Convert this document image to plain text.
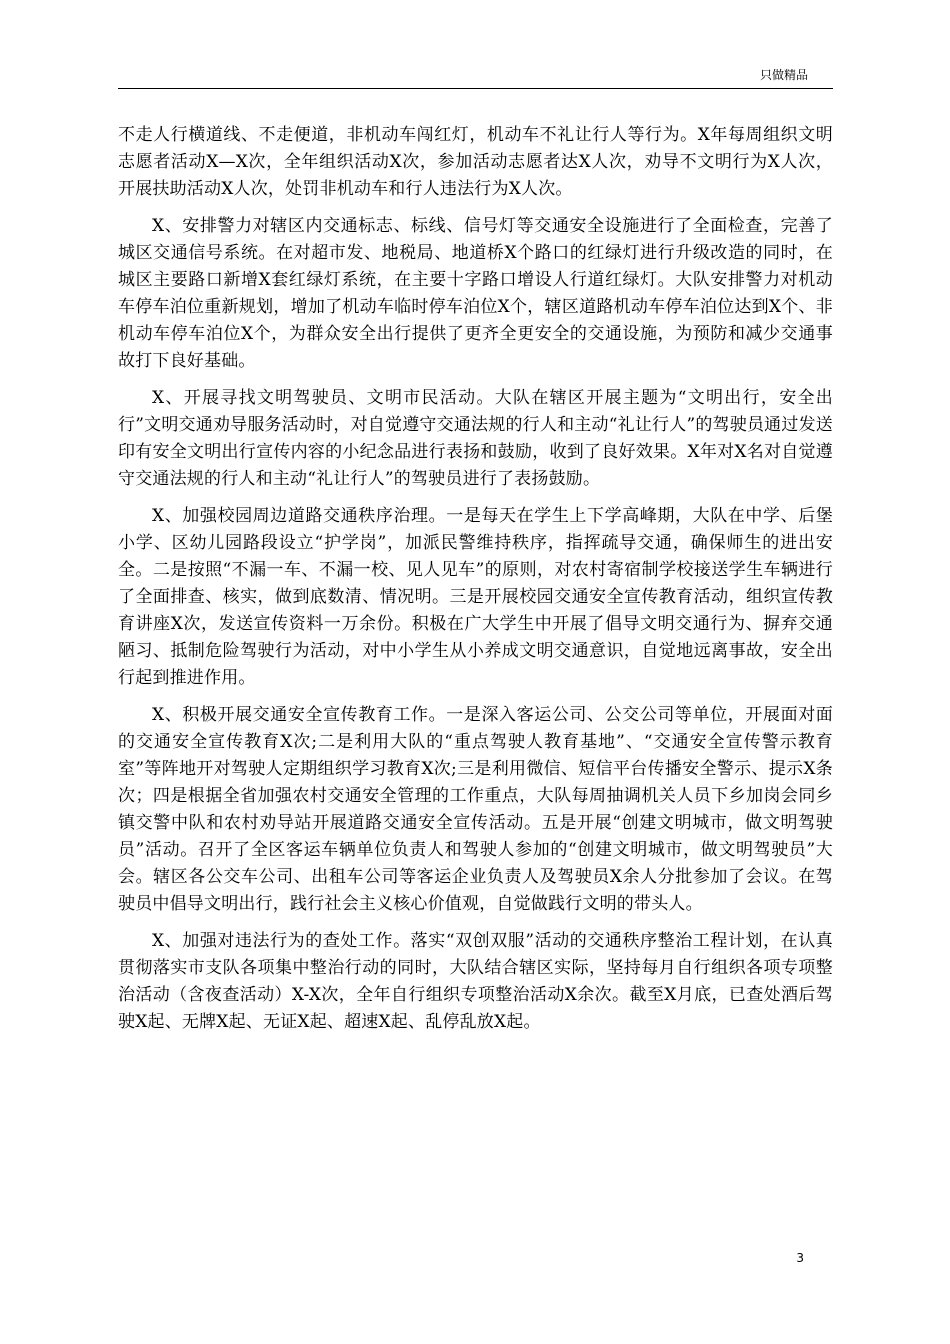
只做精品

不走人行横道线、不走便道，非机动车闯红灯，机动车不礼让行人等行为。X年每周组织文明志愿者活动X—X次，全年组织活动X次，参加活动志愿者达X人次，劝导不文明行为X人次，开展扶助活动X人次，处罚非机动车和行人违法行为X人次。

X、安排警力对辖区内交通标志、标线、信号灯等交通安全设施进行了全面检查，完善了城区交通信号系统。在对超市发、地税局、地道桥X个路口的红绿灯进行升级改造的同时，在城区主要路口新增X套红绿灯系统，在主要十字路口增设人行道红绿灯。大队安排警力对机动车停车泊位重新规划，增加了机动车临时停车泊位X个，辖区道路机动车停车泊位达到X个、非机动车停车泊位X个，为群众安全出行提供了更齐全更安全的交通设施，为预防和减少交通事故打下良好基础。

X、开展寻找文明驾驶员、文明市民活动。大队在辖区开展主题为“文明出行，安全出行”文明交通劝导服务活动时，对自觉遵守交通法规的行人和主动“礼让行人”的驾驶员通过发送印有安全文明出行宣传内容的小纪念品进行表扬和鼓励，收到了良好效果。X年对X名对自觉遵守交通法规的行人和主动“礼让行人”的驾驶员进行了表扬鼓励。

X、加强校园周边道路交通秩序治理。一是每天在学生上下学高峰期，大队在中学、后堡小学、区幼儿园路段设立“护学岗”，加派民警维持秩序，指挥疏导交通，确保师生的进出安全。二是按照“不漏一车、不漏一校、见人见车”的原则，对农村寄宿制学校接送学生车辆进行了全面排查、核实，做到底数清、情况明。三是开展校园交通安全宣传教育活动，组织宣传教育讲座X次，发送宣传资料一万余份。积极在广大学生中开展了倡导文明交通行为、摒弃交通陋习、抵制危险驾驶行为活动，对中小学生从小养成文明交通意识，自觉地远离事故，安全出行起到推进作用。

X、积极开展交通安全宣传教育工作。一是深入客运公司、公交公司等单位，开展面对面的交通安全宣传教育X次;二是利用大队的“重点驾驶人教育基地”、“交通安全宣传警示教育室”等阵地开对驾驶人定期组织学习教育X次;三是利用微信、短信平台传播安全警示、提示X条次；四是根据全省加强农村交通安全管理的工作重点，大队每周抽调机关人员下乡加岗会同乡镇交警中队和农村劝导站开展道路交通安全宣传活动。五是开展“创建文明城市，做文明驾驶员”活动。召开了全区客运车辆单位负责人和驾驶人参加的“创建文明城市，做文明驾驶员”大会。辖区各公交车公司、出租车公司等客运企业负责人及驾驶员X余人分批参加了会议。在驾驶员中倡导文明出行，践行社会主义核心价值观，自觉做践行文明的带头人。

X、加强对违法行为的查处工作。落实“双创双服”活动的交通秩序整治工程计划，在认真贯彻落实市支队各项集中整治行动的同时，大队结合辖区实际，坚持每月自行组织各项专项整治活动（含夜查活动）X-X次，全年自行组织专项整治活动X余次。截至X月底，已查处酒后驾驶X起、无牌X起、无证X起、超速X起、乱停乱放X起。

3
